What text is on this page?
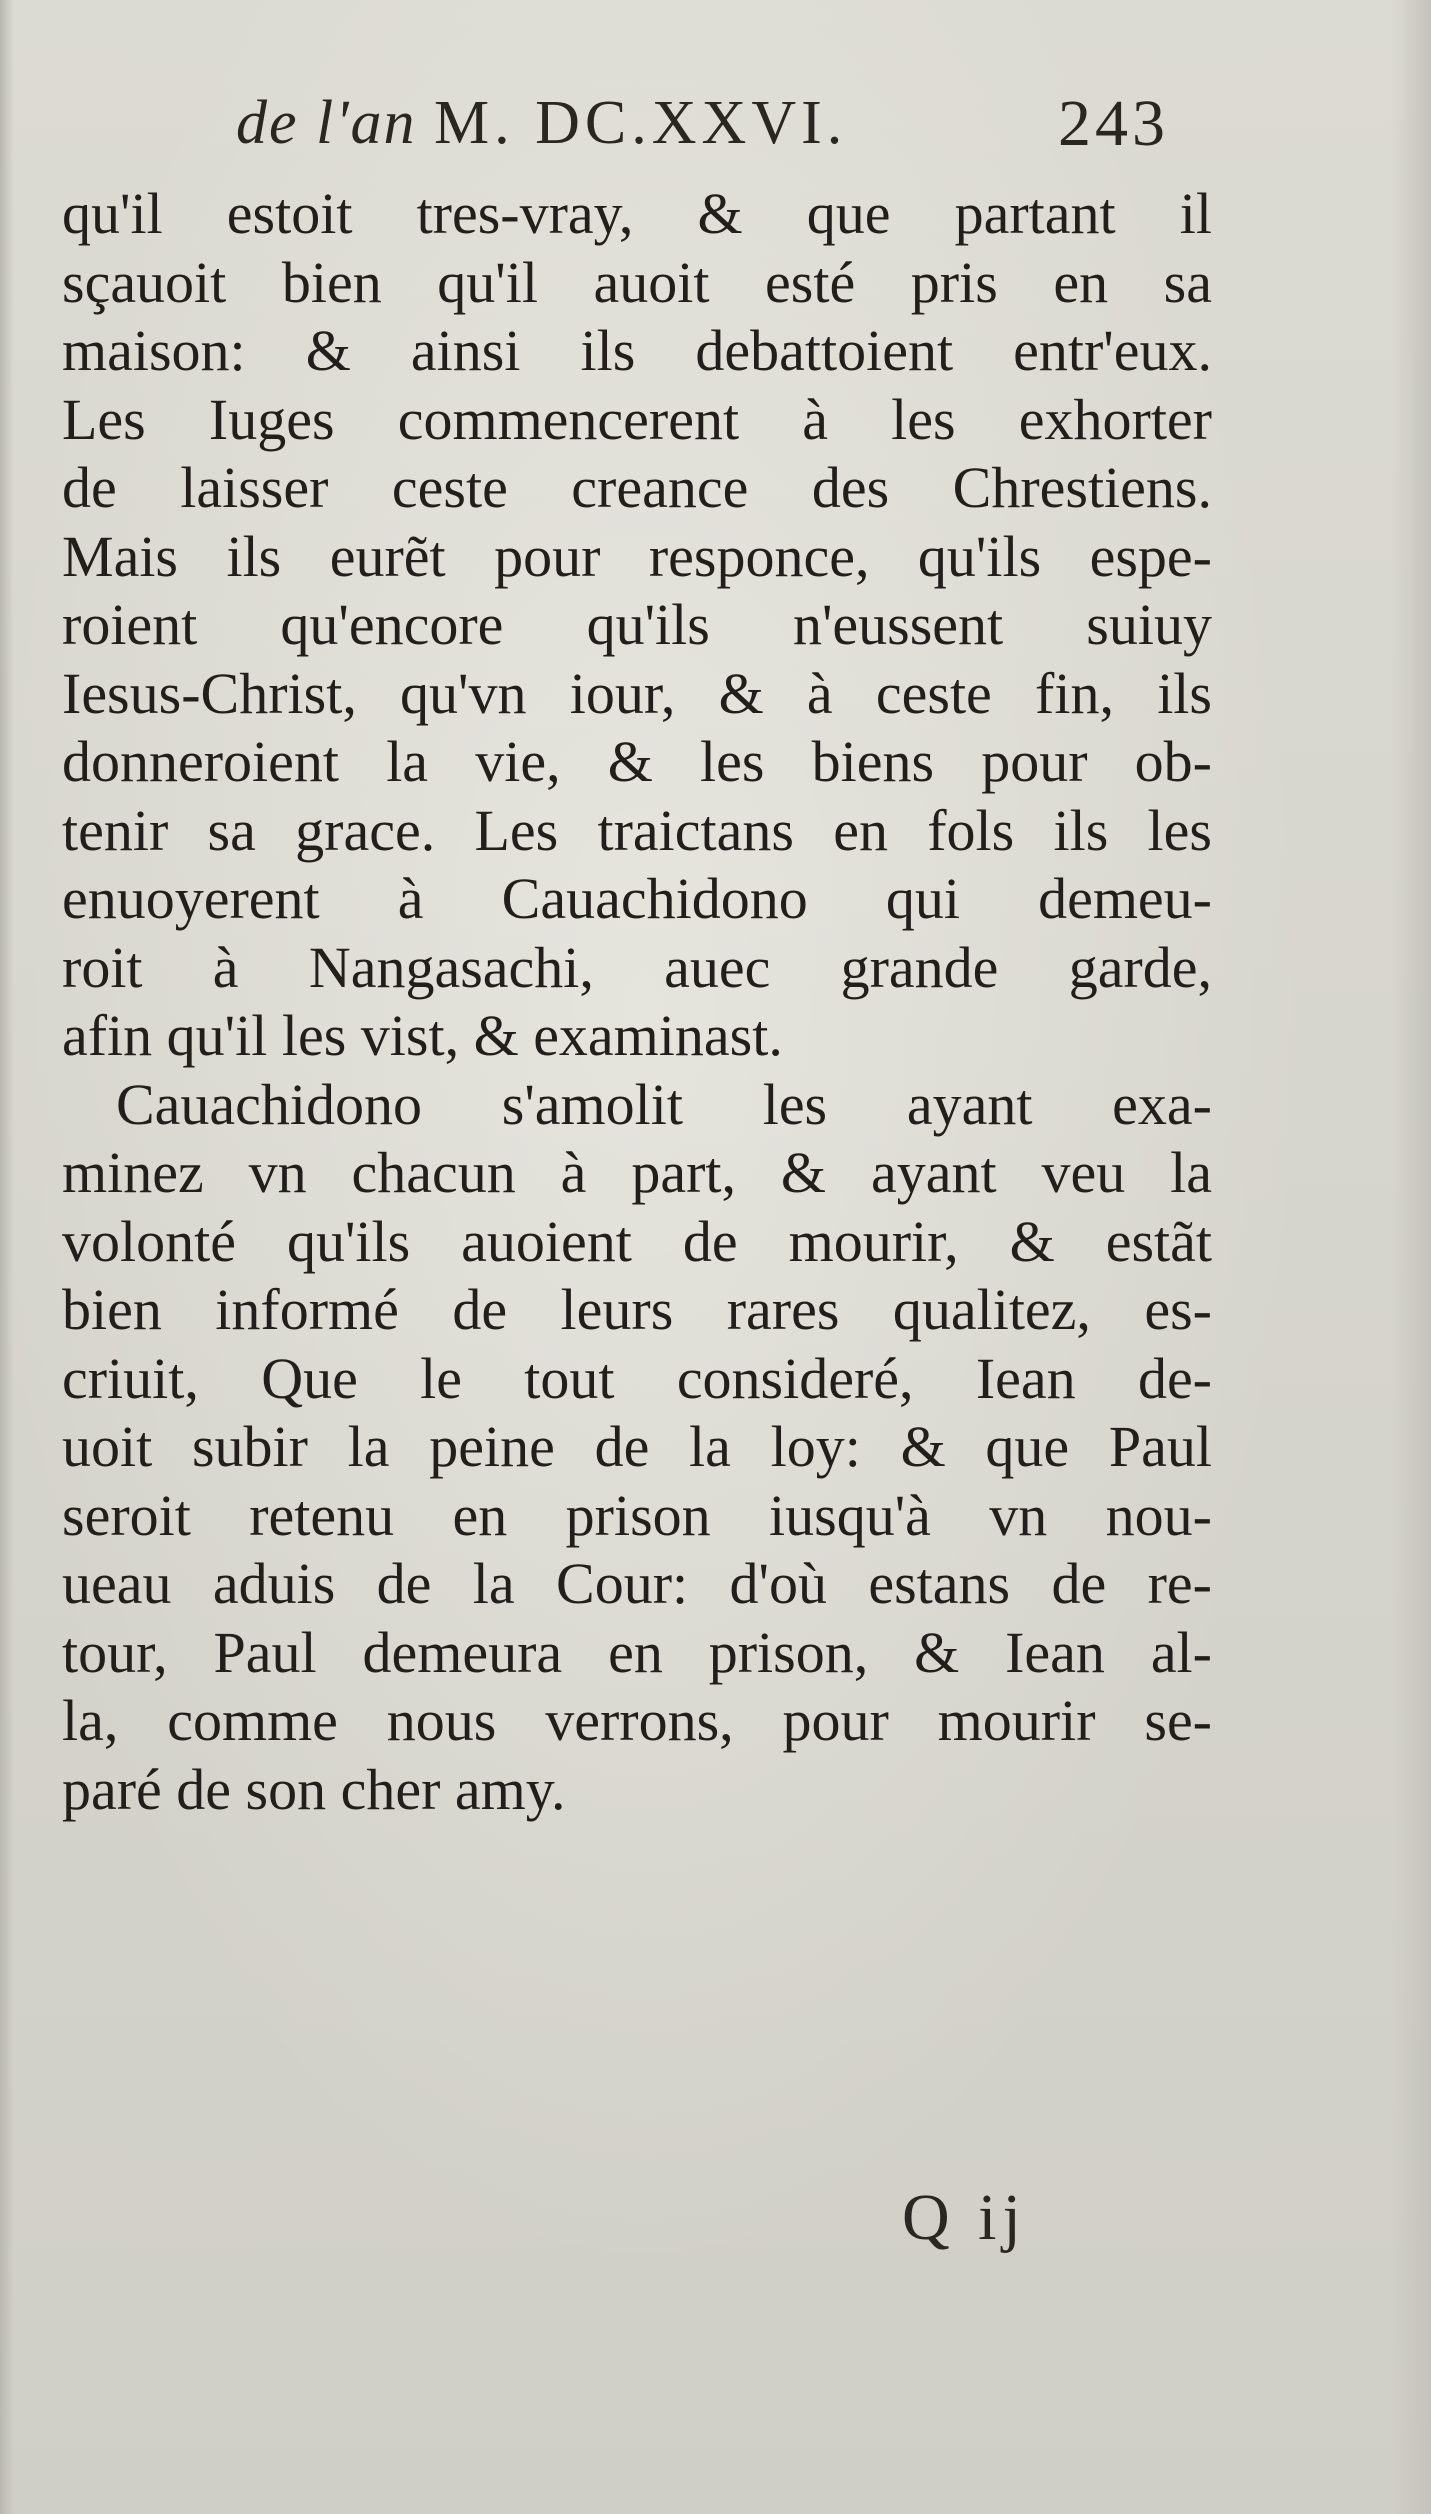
de l'an M. DC.XXVI.	243
qu'il estoit tres-vray, & que partant il
sçauoit bien qu'il auoit esté pris en sa
maison: & ainsi ils debattoient entr'eux.
Les Iuges commencerent à les exhorter
de laisser ceste creance des Chrestiens.
Mais ils eurẽt pour responce, qu'ils espe-
roient qu'encore qu'ils n'eussent suiuy
Iesus-Christ, qu'vn iour, & à ceste fin, ils
donneroient la vie, & les biens pour ob-
tenir sa grace. Les traictans en fols ils les
enuoyerent à Cauachidono qui demeu-
roit à Nangasachi, auec grande garde,
afin qu'il les vist, & examinast.
Cauachidono s'amolit les ayant exa-
minez vn chacun à part, & ayant veu la
volonté qu'ils auoient de mourir, & estãt
bien informé de leurs rares qualitez, es-
criuit, Que le tout consideré, Iean de-
uoit subir la peine de la loy: & que Paul
seroit retenu en prison iusqu'à vn nou-
ueau aduis de la Cour: d'où estans de re-
tour, Paul demeura en prison, & Iean al-
la, comme nous verrons, pour mourir se-
paré de son cher amy.
Q ij
